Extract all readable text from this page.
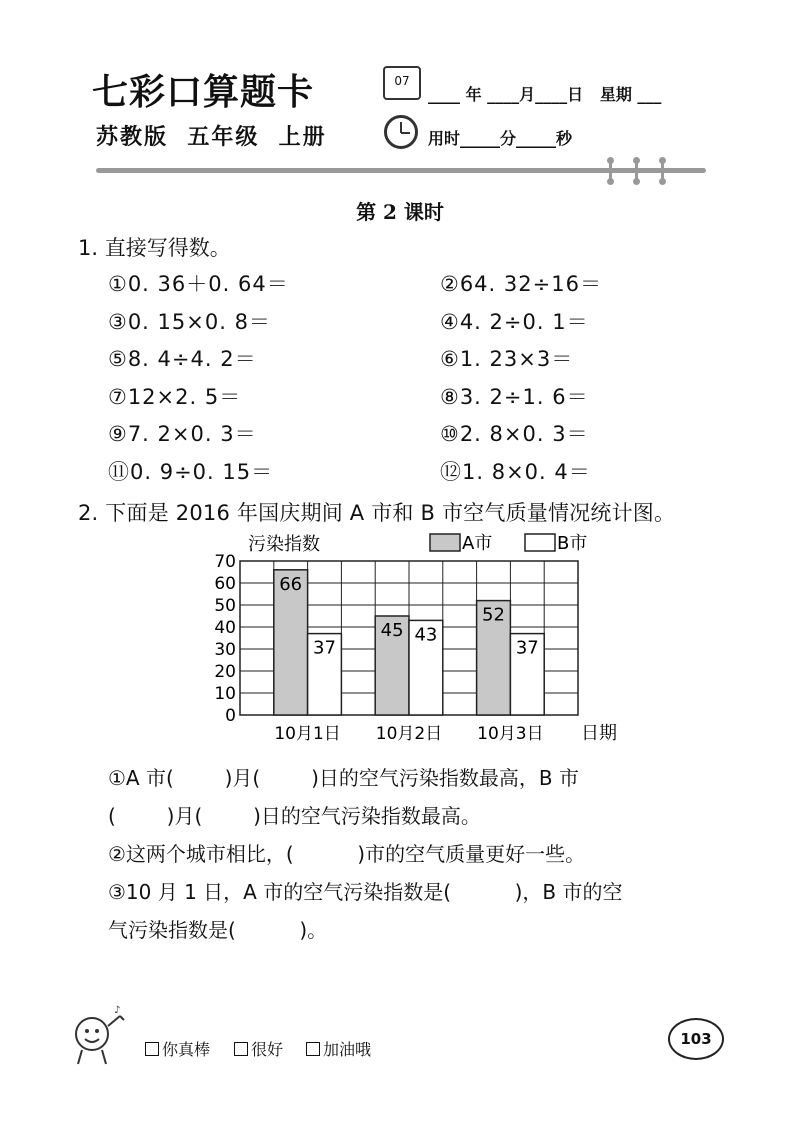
七彩口算题卡
苏教版  五年级  上册
07
____ 年 ____月____日   星期 ___
用时_____分_____秒
第 2 课时
1. 直接写得数。
①0. 36＋0. 64＝	②64. 32÷16＝
③0. 15×0. 8＝	④4. 2÷0. 1＝
⑤8. 4÷4. 2＝	⑥1. 23×3＝
⑦12×2. 5＝	⑧3. 2÷1. 6＝
⑨7. 2×0. 3＝	⑩2. 8×0. 3＝
⑪0. 9÷0. 15＝	⑫1. 8×0. 4＝
2. 下面是 2016 年国庆期间 A 市和 B 市空气质量情况统计图。
污染指数	A市	B市
66
37
45 43
52
37
0
10
20
30
40
50
60
70
10月1日 10月2日 10月3日 日期
①A 市(        )月(        )日的空气污染指数最高，B 市
(        )月(        )日的空气污染指数最高。
②这两个城市相比，(          )市的空气质量更好一些。
③10 月 1 日，A 市的空气污染指数是(          )，B 市的空
气污染指数是(          )。
♪
你真棒	很好	加油哦
103
